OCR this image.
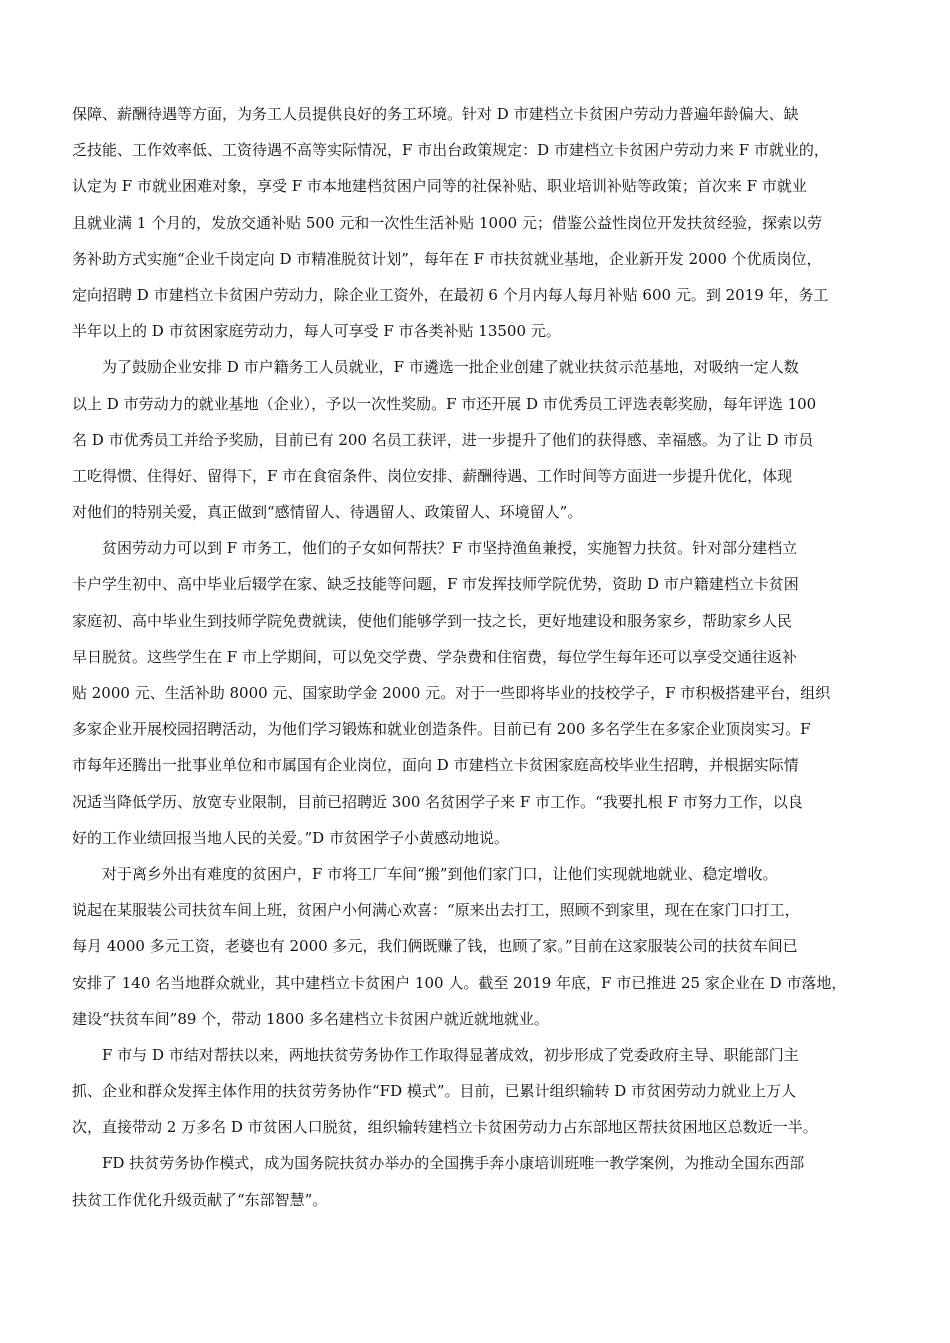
保障、薪酬待遇等方面，为务工人员提供良好的务工环境。针对 D 市建档立卡贫困户劳动力普遍年龄偏大、缺
乏技能、工作效率低、工资待遇不高等实际情况，F 市出台政策规定：D 市建档立卡贫困户劳动力来 F 市就业的，
认定为 F 市就业困难对象，享受 F 市本地建档贫困户同等的社保补贴、职业培训补贴等政策；首次来 F 市就业
且就业满 1 个月的，发放交通补贴 500 元和一次性生活补贴 1000 元；借鉴公益性岗位开发扶贫经验，探索以劳
务补助方式实施“企业千岗定向 D 市精准脱贫计划”，每年在 F 市扶贫就业基地，企业新开发 2000 个优质岗位，
定向招聘 D 市建档立卡贫困户劳动力，除企业工资外，在最初 6 个月内每人每月补贴 600 元。到 2019 年，务工
半年以上的 D 市贫困家庭劳动力，每人可享受 F 市各类补贴 13500 元。
为了鼓励企业安排 D 市户籍务工人员就业，F 市遴选一批企业创建了就业扶贫示范基地，对吸纳一定人数
以上 D 市劳动力的就业基地（企业），予以一次性奖励。F 市还开展 D 市优秀员工评选表彰奖励，每年评选 100
名 D 市优秀员工并给予奖励，目前已有 200 名员工获评，进一步提升了他们的获得感、幸福感。为了让 D 市员
工吃得惯、住得好、留得下，F 市在食宿条件、岗位安排、薪酬待遇、工作时间等方面进一步提升优化，体现
对他们的特别关爱，真正做到“感情留人、待遇留人、政策留人、环境留人”。
贫困劳动力可以到 F 市务工，他们的子女如何帮扶？F 市坚持渔鱼兼授，实施智力扶贫。针对部分建档立
卡户学生初中、高中毕业后辍学在家、缺乏技能等问题，F 市发挥技师学院优势，资助 D 市户籍建档立卡贫困
家庭初、高中毕业生到技师学院免费就读，使他们能够学到一技之长，更好地建设和服务家乡，帮助家乡人民
早日脱贫。这些学生在 F 市上学期间，可以免交学费、学杂费和住宿费，每位学生每年还可以享受交通往返补
贴 2000 元、生活补助 8000 元、国家助学金 2000 元。对于一些即将毕业的技校学子，F 市积极搭建平台，组织
多家企业开展校园招聘活动，为他们学习锻炼和就业创造条件。目前已有 200 多名学生在多家企业顶岗实习。F
市每年还腾出一批事业单位和市属国有企业岗位，面向 D 市建档立卡贫困家庭高校毕业生招聘，并根据实际情
况适当降低学历、放宽专业限制，目前已招聘近 300 名贫困学子来 F 市工作。“我要扎根 F 市努力工作，以良
好的工作业绩回报当地人民的关爱。”D 市贫困学子小黄感动地说。
对于离乡外出有难度的贫困户，F 市将工厂车间“搬”到他们家门口，让他们实现就地就业、稳定增收。
说起在某服装公司扶贫车间上班，贫困户小何满心欢喜：“原来出去打工，照顾不到家里，现在在家门口打工，
每月 4000 多元工资，老婆也有 2000 多元，我们俩既赚了钱，也顾了家。”目前在这家服装公司的扶贫车间已
安排了 140 名当地群众就业，其中建档立卡贫困户 100 人。截至 2019 年底，F 市已推进 25 家企业在 D 市落地，
建设“扶贫车间”89 个，带动 1800 多名建档立卡贫困户就近就地就业。
F 市与 D 市结对帮扶以来，两地扶贫劳务协作工作取得显著成效，初步形成了党委政府主导、职能部门主
抓、企业和群众发挥主体作用的扶贫劳务协作“FD 模式”。目前，已累计组织输转 D 市贫困劳动力就业上万人
次，直接带动 2 万多名 D 市贫困人口脱贫，组织输转建档立卡贫困劳动力占东部地区帮扶贫困地区总数近一半。
FD 扶贫劳务协作模式，成为国务院扶贫办举办的全国携手奔小康培训班唯一教学案例，为推动全国东西部
扶贫工作优化升级贡献了“东部智慧”。
